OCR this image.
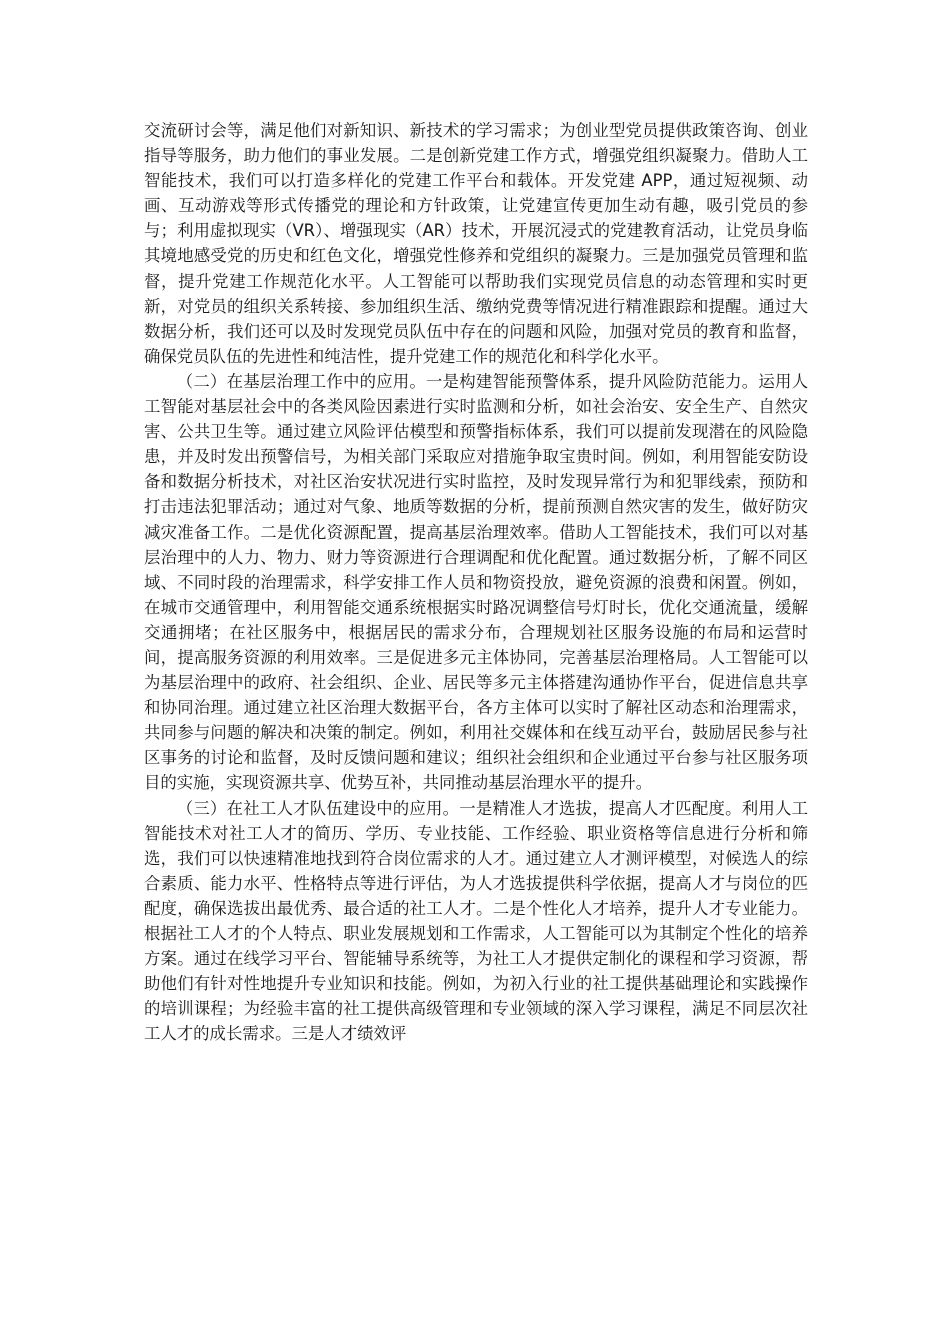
交流研讨会等，满足他们对新知识、新技术的学习需求；为创业型党员提供政策咨询、创业指导等服务，助力他们的事业发展。二是创新党建工作方式，增强党组织凝聚力。借助人工智能技术，我们可以打造多样化的党建工作平台和载体。开发党建 APP，通过短视频、动画、互动游戏等形式传播党的理论和方针政策，让党建宣传更加生动有趣，吸引党员的参与；利用虚拟现实（VR）、增强现实（AR）技术，开展沉浸式的党建教育活动，让党员身临其境地感受党的历史和红色文化，增强党性修养和党组织的凝聚力。三是加强党员管理和监督，提升党建工作规范化水平。人工智能可以帮助我们实现党员信息的动态管理和实时更新，对党员的组织关系转接、参加组织生活、缴纳党费等情况进行精准跟踪和提醒。通过大数据分析，我们还可以及时发现党员队伍中存在的问题和风险，加强对党员的教育和监督，确保党员队伍的先进性和纯洁性，提升党建工作的规范化和科学化水平。

（二）在基层治理工作中的应用。一是构建智能预警体系，提升风险防范能力。运用人工智能对基层社会中的各类风险因素进行实时监测和分析，如社会治安、安全生产、自然灾害、公共卫生等。通过建立风险评估模型和预警指标体系，我们可以提前发现潜在的风险隐患，并及时发出预警信号，为相关部门采取应对措施争取宝贵时间。例如，利用智能安防设备和数据分析技术，对社区治安状况进行实时监控，及时发现异常行为和犯罪线索，预防和打击违法犯罪活动；通过对气象、地质等数据的分析，提前预测自然灾害的发生，做好防灾减灾准备工作。二是优化资源配置，提高基层治理效率。借助人工智能技术，我们可以对基层治理中的人力、物力、财力等资源进行合理调配和优化配置。通过数据分析，了解不同区域、不同时段的治理需求，科学安排工作人员和物资投放，避免资源的浪费和闲置。例如，在城市交通管理中，利用智能交通系统根据实时路况调整信号灯时长，优化交通流量，缓解交通拥堵；在社区服务中，根据居民的需求分布，合理规划社区服务设施的布局和运营时间，提高服务资源的利用效率。三是促进多元主体协同，完善基层治理格局。人工智能可以为基层治理中的政府、社会组织、企业、居民等多元主体搭建沟通协作平台，促进信息共享和协同治理。通过建立社区治理大数据平台，各方主体可以实时了解社区动态和治理需求，共同参与问题的解决和决策的制定。例如，利用社交媒体和在线互动平台，鼓励居民参与社区事务的讨论和监督，及时反馈问题和建议；组织社会组织和企业通过平台参与社区服务项目的实施，实现资源共享、优势互补，共同推动基层治理水平的提升。

（三）在社工人才队伍建设中的应用。一是精准人才选拔，提高人才匹配度。利用人工智能技术对社工人才的简历、学历、专业技能、工作经验、职业资格等信息进行分析和筛选，我们可以快速精准地找到符合岗位需求的人才。通过建立人才测评模型，对候选人的综合素质、能力水平、性格特点等进行评估，为人才选拔提供科学依据，提高人才与岗位的匹配度，确保选拔出最优秀、最合适的社工人才。二是个性化人才培养，提升人才专业能力。根据社工人才的个人特点、职业发展规划和工作需求，人工智能可以为其制定个性化的培养方案。通过在线学习平台、智能辅导系统等，为社工人才提供定制化的课程和学习资源，帮助他们有针对性地提升专业知识和技能。例如，为初入行业的社工提供基础理论和实践操作的培训课程；为经验丰富的社工提供高级管理和专业领域的深入学习课程，满足不同层次社工人才的成长需求。三是人才绩效评
